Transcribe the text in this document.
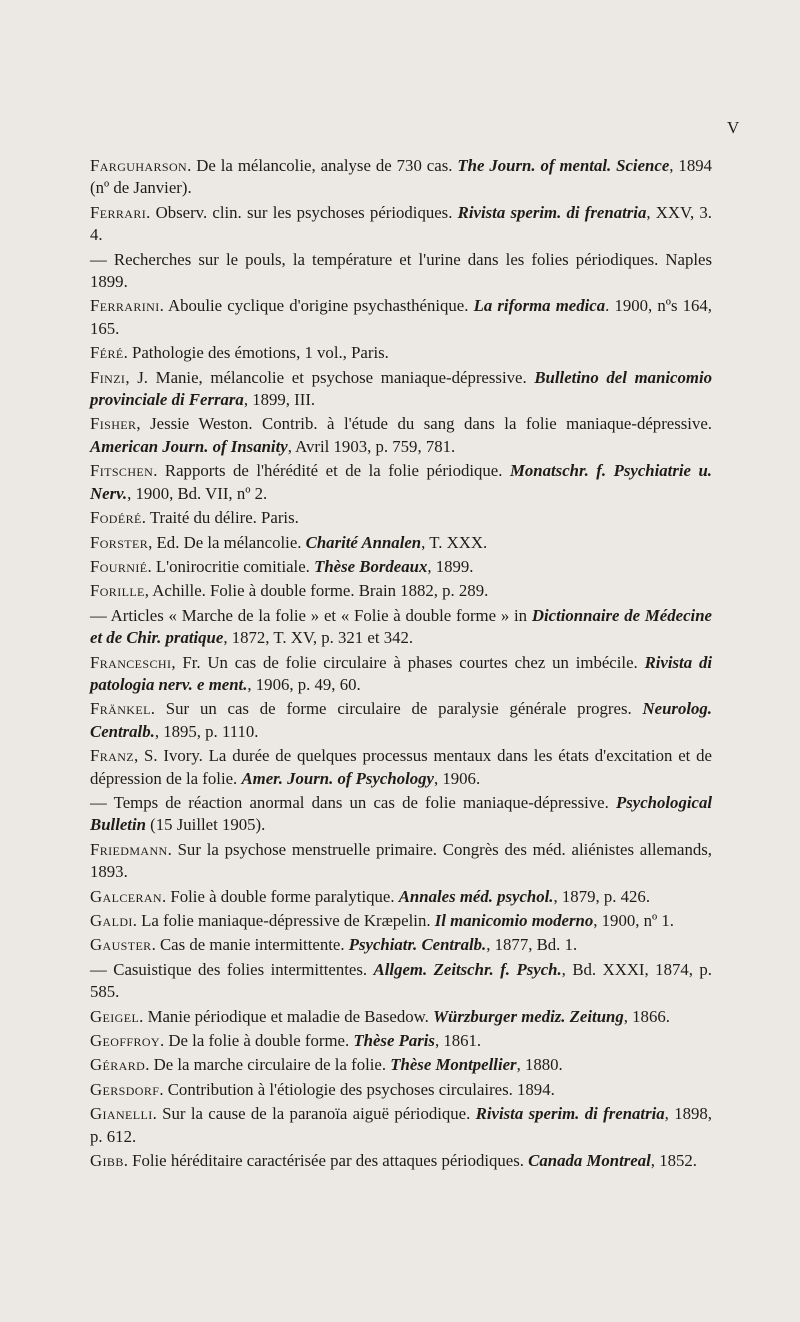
V
Farguharson. De la mélancolie, analyse de 730 cas. The Journ. of mental. Science, 1894 (nº de Janvier).
Ferrari. Observ. clin. sur les psychoses périodiques. Rivista sperim. di frenatria, XXV, 3. 4.
— Recherches sur le pouls, la température et l'urine dans les folies périodiques. Naples 1899.
Ferrarini. Aboulie cyclique d'origine psychasthénique. La riforma medica. 1900, nºs 164, 165.
Féré. Pathologie des émotions, 1 vol., Paris.
Finzi, J. Manie, mélancolie et psychose maniaque-dépressive. Bulletino del manicomio provinciale di Ferrara, 1899, III.
Fisher, Jessie Weston. Contrib. à l'étude du sang dans la folie maniaque-dépressive. American Journ. of Insanity, Avril 1903, p. 759, 781.
Fitschen. Rapports de l'hérédité et de la folie périodique. Monatschr. f. Psychiatrie u. Nerv., 1900, Bd. VII, nº 2.
Fodéré. Traité du délire. Paris.
Forster, Ed. De la mélancolie. Charité Annalen, T. XXX.
Fournié. L'onirocritie comitiale. Thèse Bordeaux, 1899.
Forille, Achille. Folie à double forme. Brain 1882, p. 289.
— Articles « Marche de la folie » et « Folie à double forme » in Dictionnaire de Médecine et de Chir. pratique, 1872, T. XV, p. 321 et 342.
Franceschi, Fr. Un cas de folie circulaire à phases courtes chez un imbécile. Rivista di patologia nerv. e ment., 1906, p. 49, 60.
Fränkel. Sur un cas de forme circulaire de paralysie générale progres. Neurolog. Centralb., 1895, p. 1110.
Franz, S. Ivory. La durée de quelques processus mentaux dans les états d'excitation et de dépression de la folie. Amer. Journ. of Psychology, 1906.
— Temps de réaction anormal dans un cas de folie maniaque-dépressive. Psychological Bulletin (15 Juillet 1905).
Friedmann. Sur la psychose menstruelle primaire. Congrès des méd. aliénistes allemands, 1893.
Galceran. Folie à double forme paralytique. Annales méd. psychol., 1879, p. 426.
Galdi. La folie maniaque-dépressive de Kræpelin. Il manicomio moderno, 1900, nº 1.
Gauster. Cas de manie intermittente. Psychiatr. Centralb., 1877, Bd. 1.
— Casuistique des folies intermittentes. Allgem. Zeitschr. f. Psych., Bd. XXXI, 1874, p. 585.
Geigel. Manie périodique et maladie de Basedow. Würzburger mediz. Zeitung, 1866.
Geoffroy. De la folie à double forme. Thèse Paris, 1861.
Gérard. De la marche circulaire de la folie. Thèse Montpellier, 1880.
Gersdorf. Contribution à l'étiologie des psychoses circulaires. 1894.
Gianelli. Sur la cause de la paranoïa aiguë périodique. Rivista sperim. di frenatria, 1898, p. 612.
Gibb. Folie héréditaire caractérisée par des attaques périodiques. Canada Montreal, 1852.
